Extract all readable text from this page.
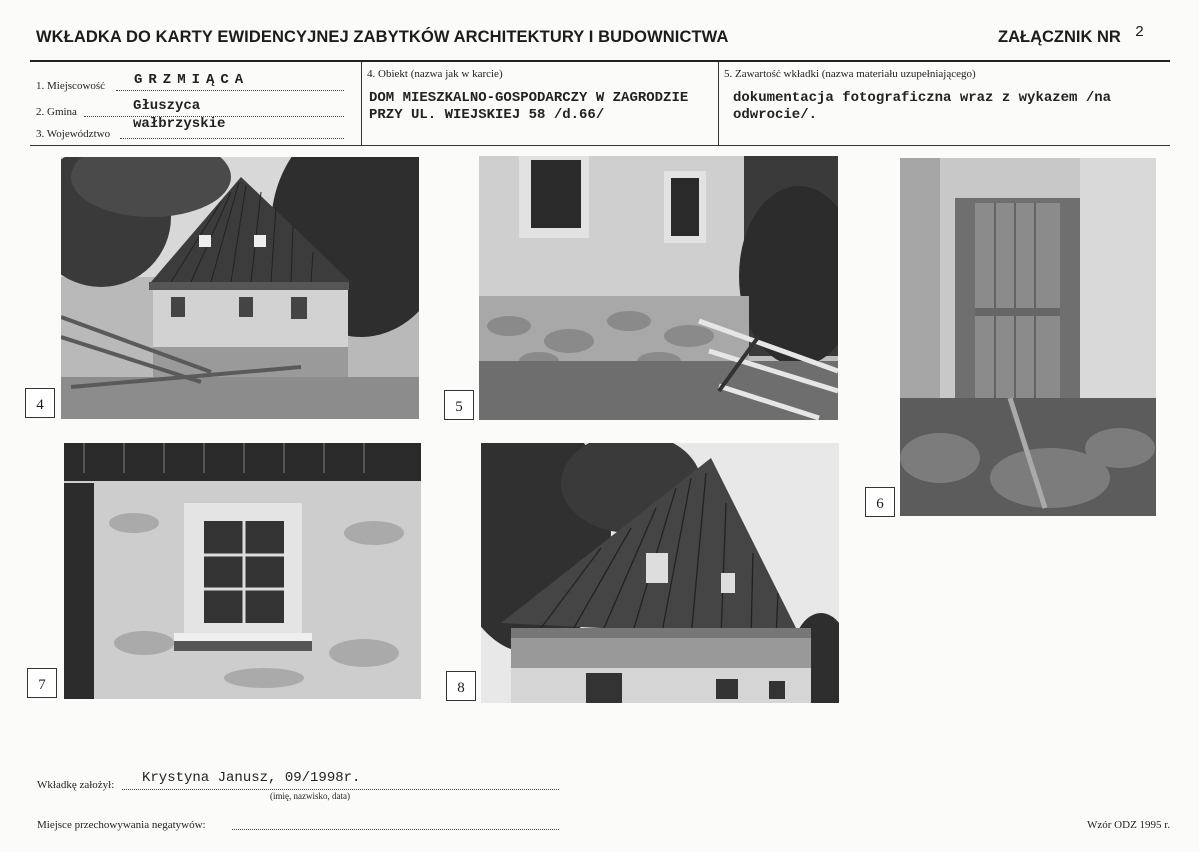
WKŁADKA DO KARTY EWIDENCYJNEJ ZABYTKÓW ARCHITEKTURY I BUDOWNICTWA	ZAŁĄCZNIK NR 2
1. Miejscowość GRZMIĄCA
2. Gmina	Głuszyca
3. Województwo
wałbrzyskie
4. Obiekt (nazwa jak w karcie)
DOM MIESZKALNO-GOSPODARCZY W ZAGRODZIE
PRZY UL. WIEJSKIEJ 58 /d.66/
5. Zawartość wkładki (nazwa materiału uzupełniającego)
dokumentacja fotograficzna wraz z wykazem /na
odwrocie/.
4	5
6
7	8
Wkładkę założył: Krystyna Janusz, 09/1998r.
(imię, nazwisko, data)
Miejsce przechowywania negatywów:	Wzór ODZ 1995 r.
